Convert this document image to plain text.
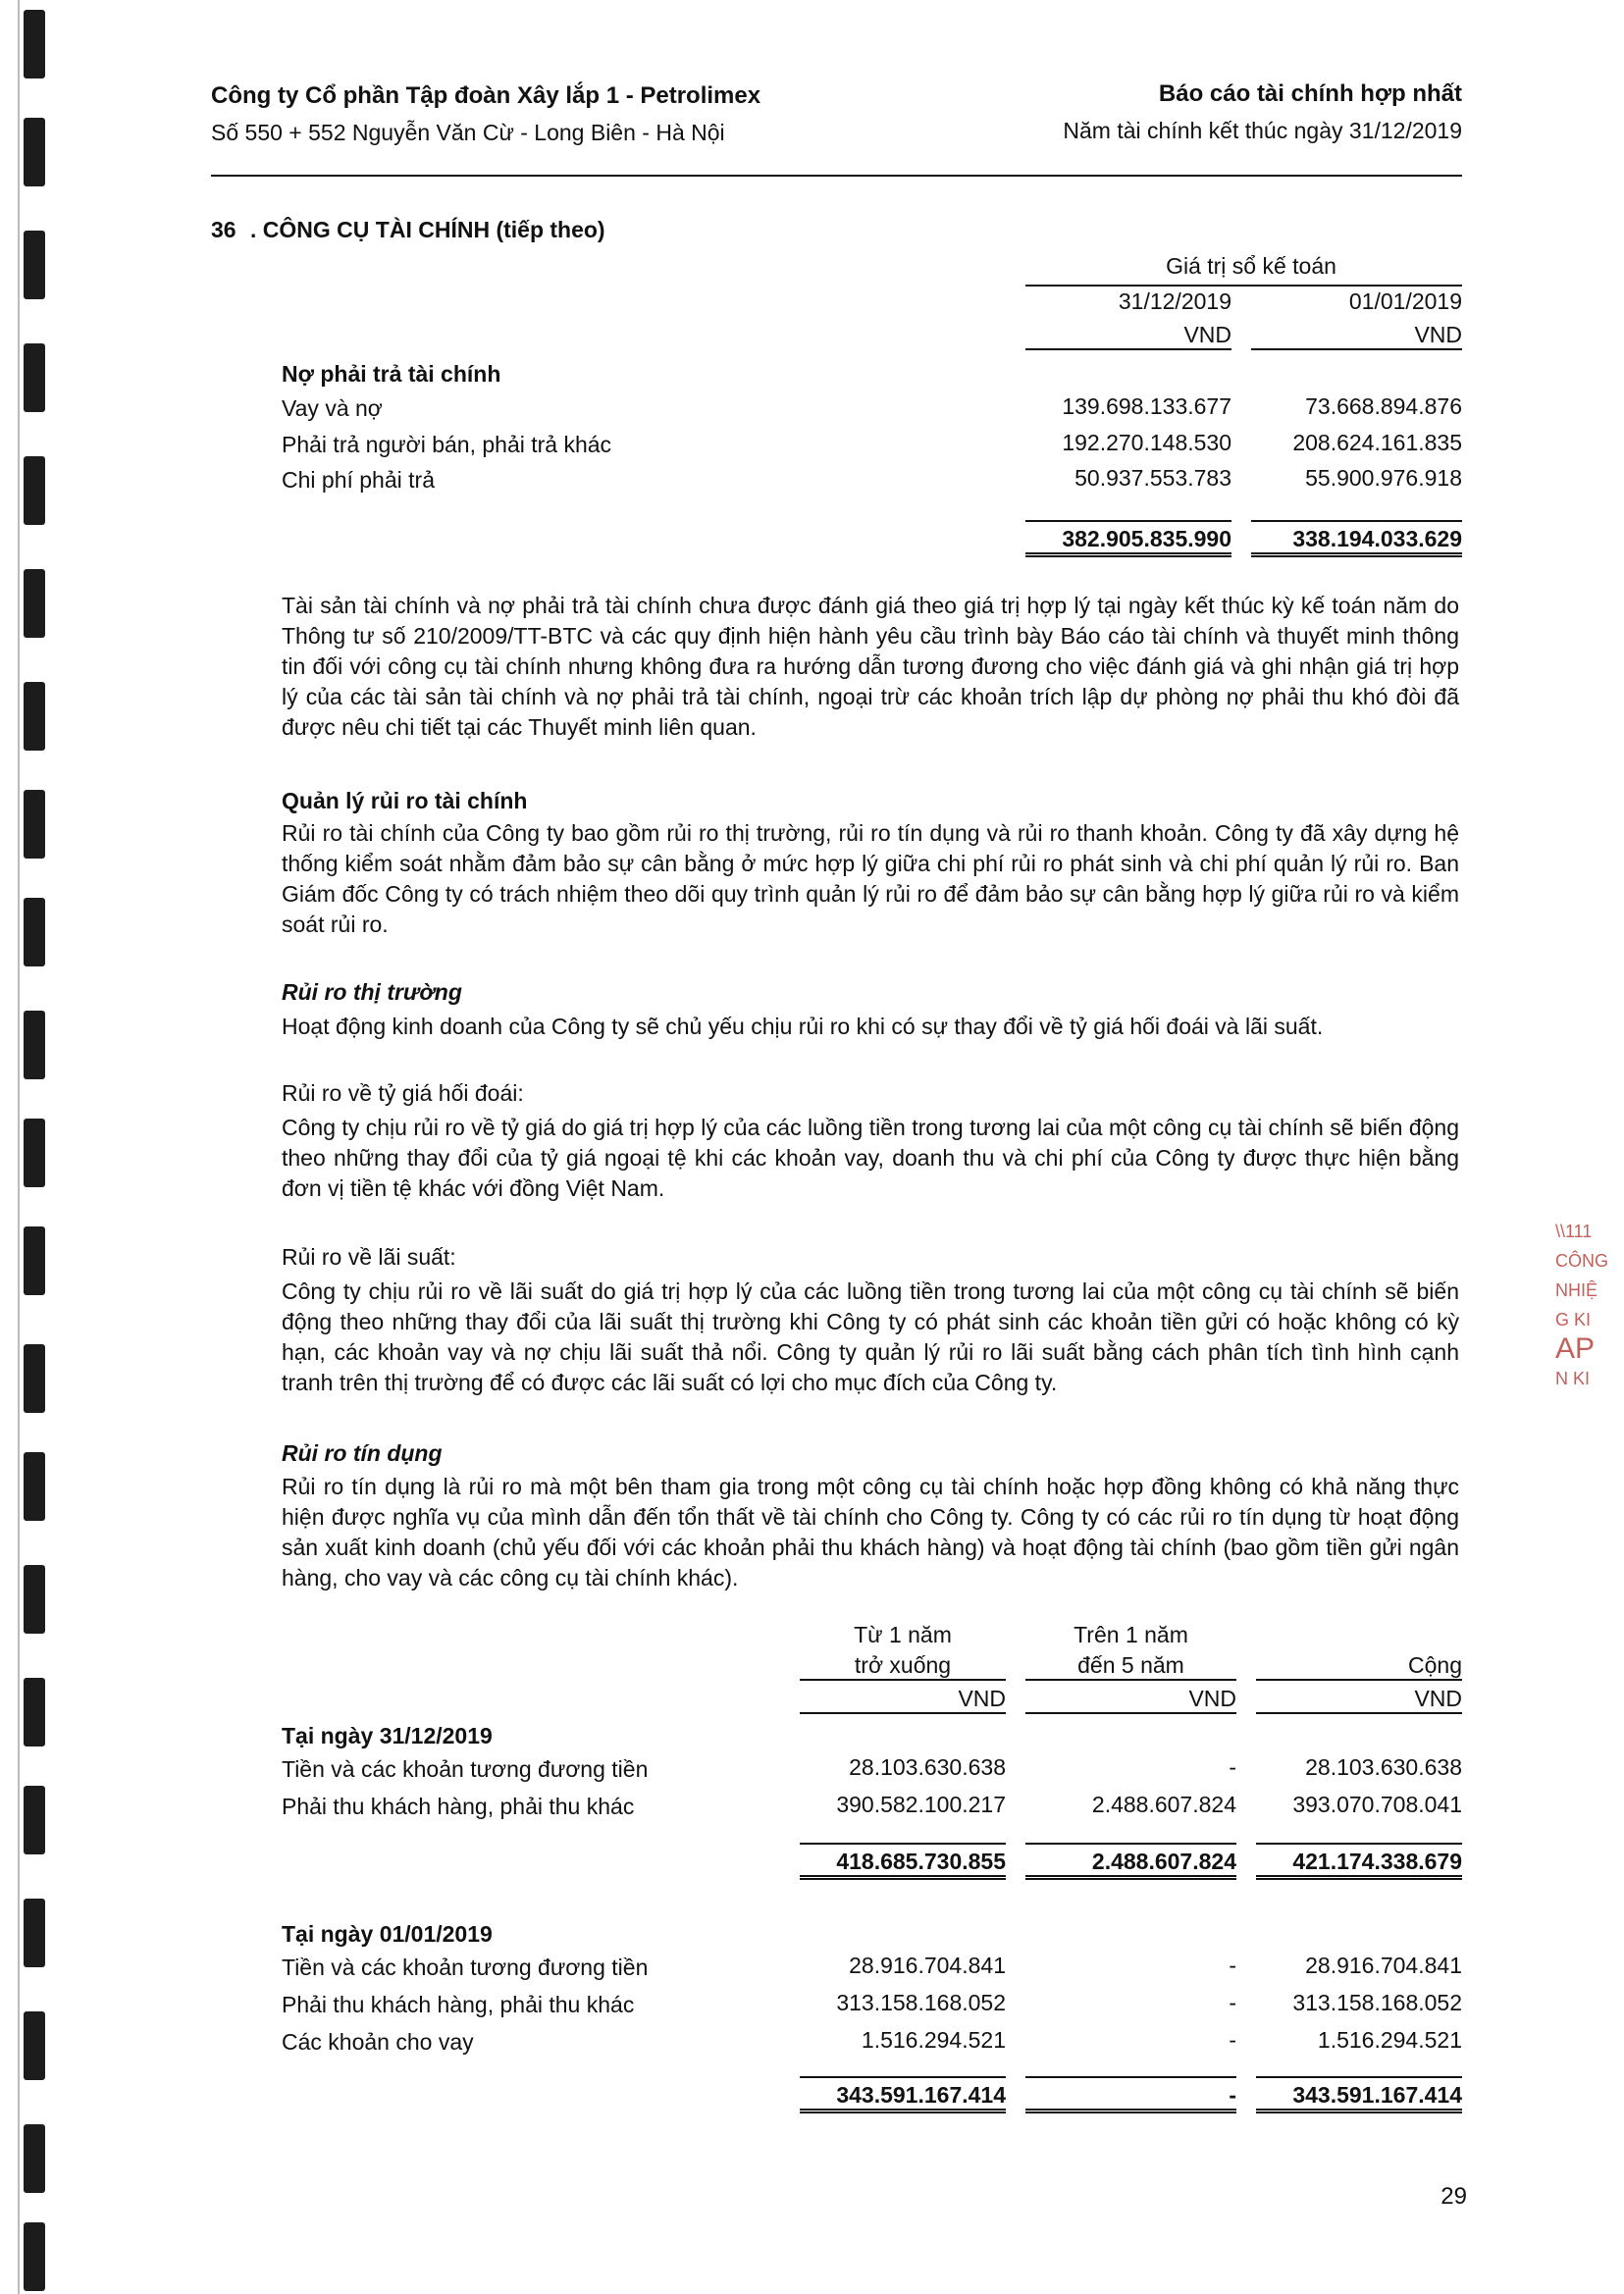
\\111
CÔNG
NHIỆ
G KI
AP
N KI
Công ty Cổ phần Tập đoàn Xây lắp 1 - Petrolimex
Số 550 + 552 Nguyễn Văn Cừ - Long Biên - Hà Nội
Báo cáo tài chính hợp nhất
Năm tài chính kết thúc ngày 31/12/2019
36 . CÔNG CỤ TÀI CHÍNH (tiếp theo)
Giá trị sổ kế toán
31/12/2019	01/01/2019
VND	VND
Nợ phải trả tài chính
Vay và nợ	139.698.133.677	73.668.894.876
Phải trả người bán, phải trả khác	192.270.148.530	208.624.161.835
Chi phí phải trả	50.937.553.783	55.900.976.918
382.905.835.990	338.194.033.629
Tài sản tài chính và nợ phải trả tài chính chưa được đánh giá theo giá trị hợp lý tại ngày kết thúc kỳ kế toán năm do Thông tư số 210/2009/TT-BTC và các quy định hiện hành yêu cầu trình bày Báo cáo tài chính và thuyết minh thông tin đối với công cụ tài chính nhưng không đưa ra hướng dẫn tương đương cho việc đánh giá và ghi nhận giá trị hợp lý của các tài sản tài chính và nợ phải trả tài chính, ngoại trừ các khoản trích lập dự phòng nợ phải thu khó đòi đã được nêu chi tiết tại các Thuyết minh liên quan.
Quản lý rủi ro tài chính
Rủi ro tài chính của Công ty bao gồm rủi ro thị trường, rủi ro tín dụng và rủi ro thanh khoản. Công ty đã xây dựng hệ thống kiểm soát nhằm đảm bảo sự cân bằng ở mức hợp lý giữa chi phí rủi ro phát sinh và chi phí quản lý rủi ro. Ban Giám đốc Công ty có trách nhiệm theo dõi quy trình quản lý rủi ro để đảm bảo sự cân bằng hợp lý giữa rủi ro và kiểm soát rủi ro.
Rủi ro thị trường
Hoạt động kinh doanh của Công ty sẽ chủ yếu chịu rủi ro khi có sự thay đổi về tỷ giá hối đoái và lãi suất.
Rủi ro về tỷ giá hối đoái:
Công ty chịu rủi ro về tỷ giá do giá trị hợp lý của các luồng tiền trong tương lai của một công cụ tài chính sẽ biến động theo những thay đổi của tỷ giá ngoại tệ khi các khoản vay, doanh thu và chi phí của Công ty được thực hiện bằng đơn vị tiền tệ khác với đồng Việt Nam.
Rủi ro về lãi suất:
Công ty chịu rủi ro về lãi suất do giá trị hợp lý của các luồng tiền trong tương lai của một công cụ tài chính sẽ biến động theo những thay đổi của lãi suất thị trường khi Công ty có phát sinh các khoản tiền gửi có hoặc không có kỳ hạn, các khoản vay và nợ chịu lãi suất thả nổi. Công ty quản lý rủi ro lãi suất bằng cách phân tích tình hình cạnh tranh trên thị trường để có được các lãi suất có lợi cho mục đích của Công ty.
Rủi ro tín dụng
Rủi ro tín dụng là rủi ro mà một bên tham gia trong một công cụ tài chính hoặc hợp đồng không có khả năng thực hiện được nghĩa vụ của mình dẫn đến tổn thất về tài chính cho Công ty. Công ty có các rủi ro tín dụng từ hoạt động sản xuất kinh doanh (chủ yếu đối với các khoản phải thu khách hàng) và hoạt động tài chính (bao gồm tiền gửi ngân hàng, cho vay và các công cụ tài chính khác).
Từ 1 năm
trở xuống
Trên 1 năm
đến 5 năm	Cộng
VND	VND	VND
Tại ngày 31/12/2019
Tiền và các khoản tương đương tiền	28.103.630.638	-	28.103.630.638
Phải thu khách hàng, phải thu khác	390.582.100.217	2.488.607.824	393.070.708.041
418.685.730.855	2.488.607.824	421.174.338.679
Tại ngày 01/01/2019
Tiền và các khoản tương đương tiền	28.916.704.841	-	28.916.704.841
Phải thu khách hàng, phải thu khác	313.158.168.052	-	313.158.168.052
Các khoản cho vay	1.516.294.521	-	1.516.294.521
343.591.167.414	-	343.591.167.414
29
